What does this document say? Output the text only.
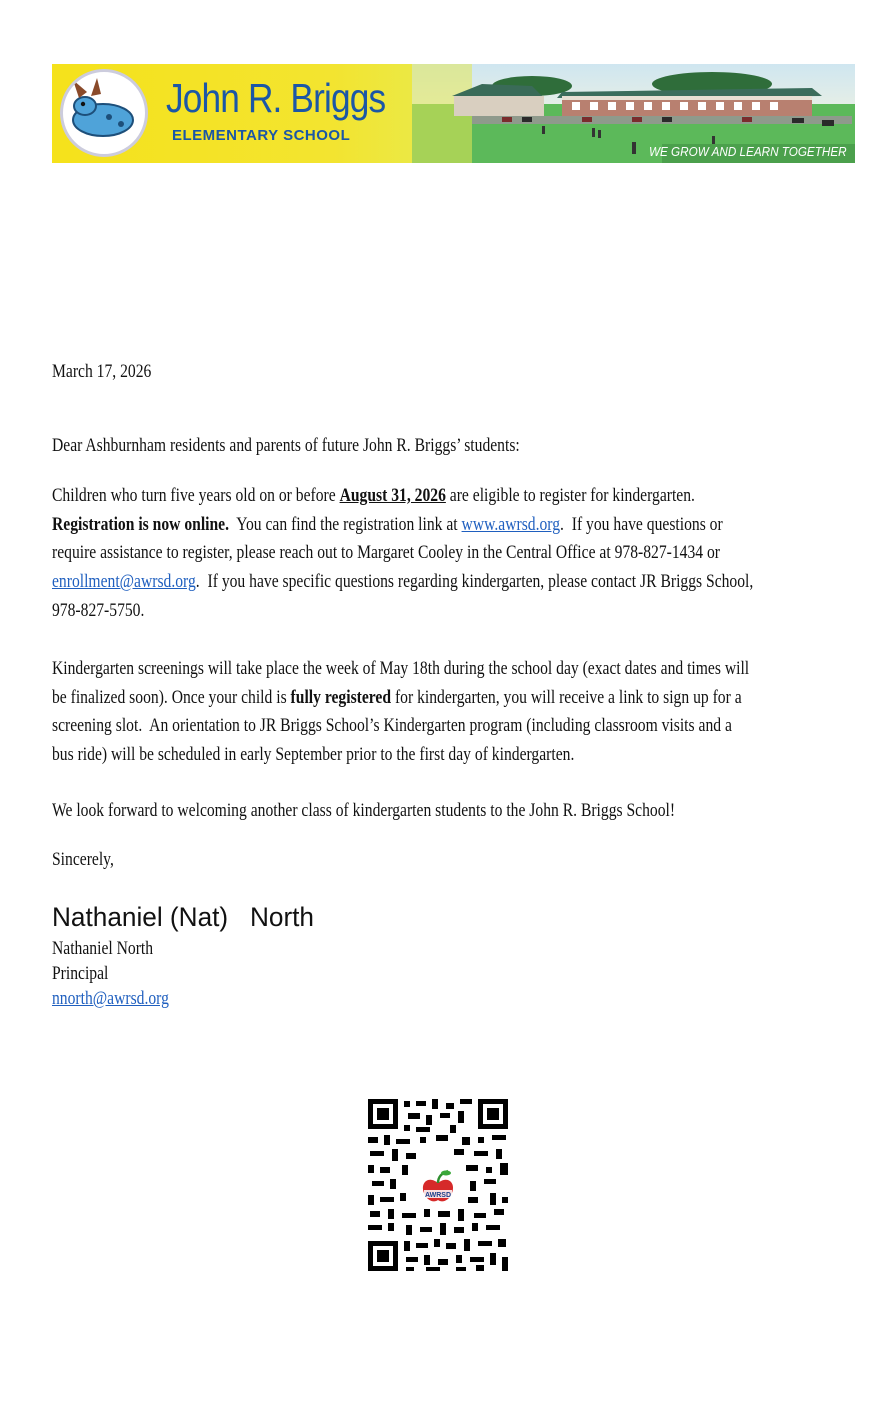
John R. Briggs
ELEMENTARY SCHOOL
WE GROW AND LEARN TOGETHER
March 17, 2026
Dear Ashburnham residents and parents of future John R. Briggs’ students:

Children who turn five years old on or before August 31, 2026 are eligible to register for kindergarten.

Registration is now online.  You can find the registration link at www.awrsd.org.  If you have questions or

require assistance to register, please reach out to Margaret Cooley in the Central Office at 978-827-1434 or

enrollment@awrsd.org.  If you have specific questions regarding kindergarten, please contact JR Briggs School,

978-827-5750.

Kindergarten screenings will take place the week of May 18th during the school day (exact dates and times will

be finalized soon). Once your child is fully registered for kindergarten, you will receive a link to sign up for a

screening slot.  An orientation to JR Briggs School’s Kindergarten program (including classroom visits and a

bus ride) will be scheduled in early September prior to the first day of kindergarten.

We look forward to welcoming another class of kindergarten students to the John R. Briggs School!
Sincerely,
Nathaniel (Nat)   North

Nathaniel North

Principal

nnorth@awrsd.org

AWRSD
